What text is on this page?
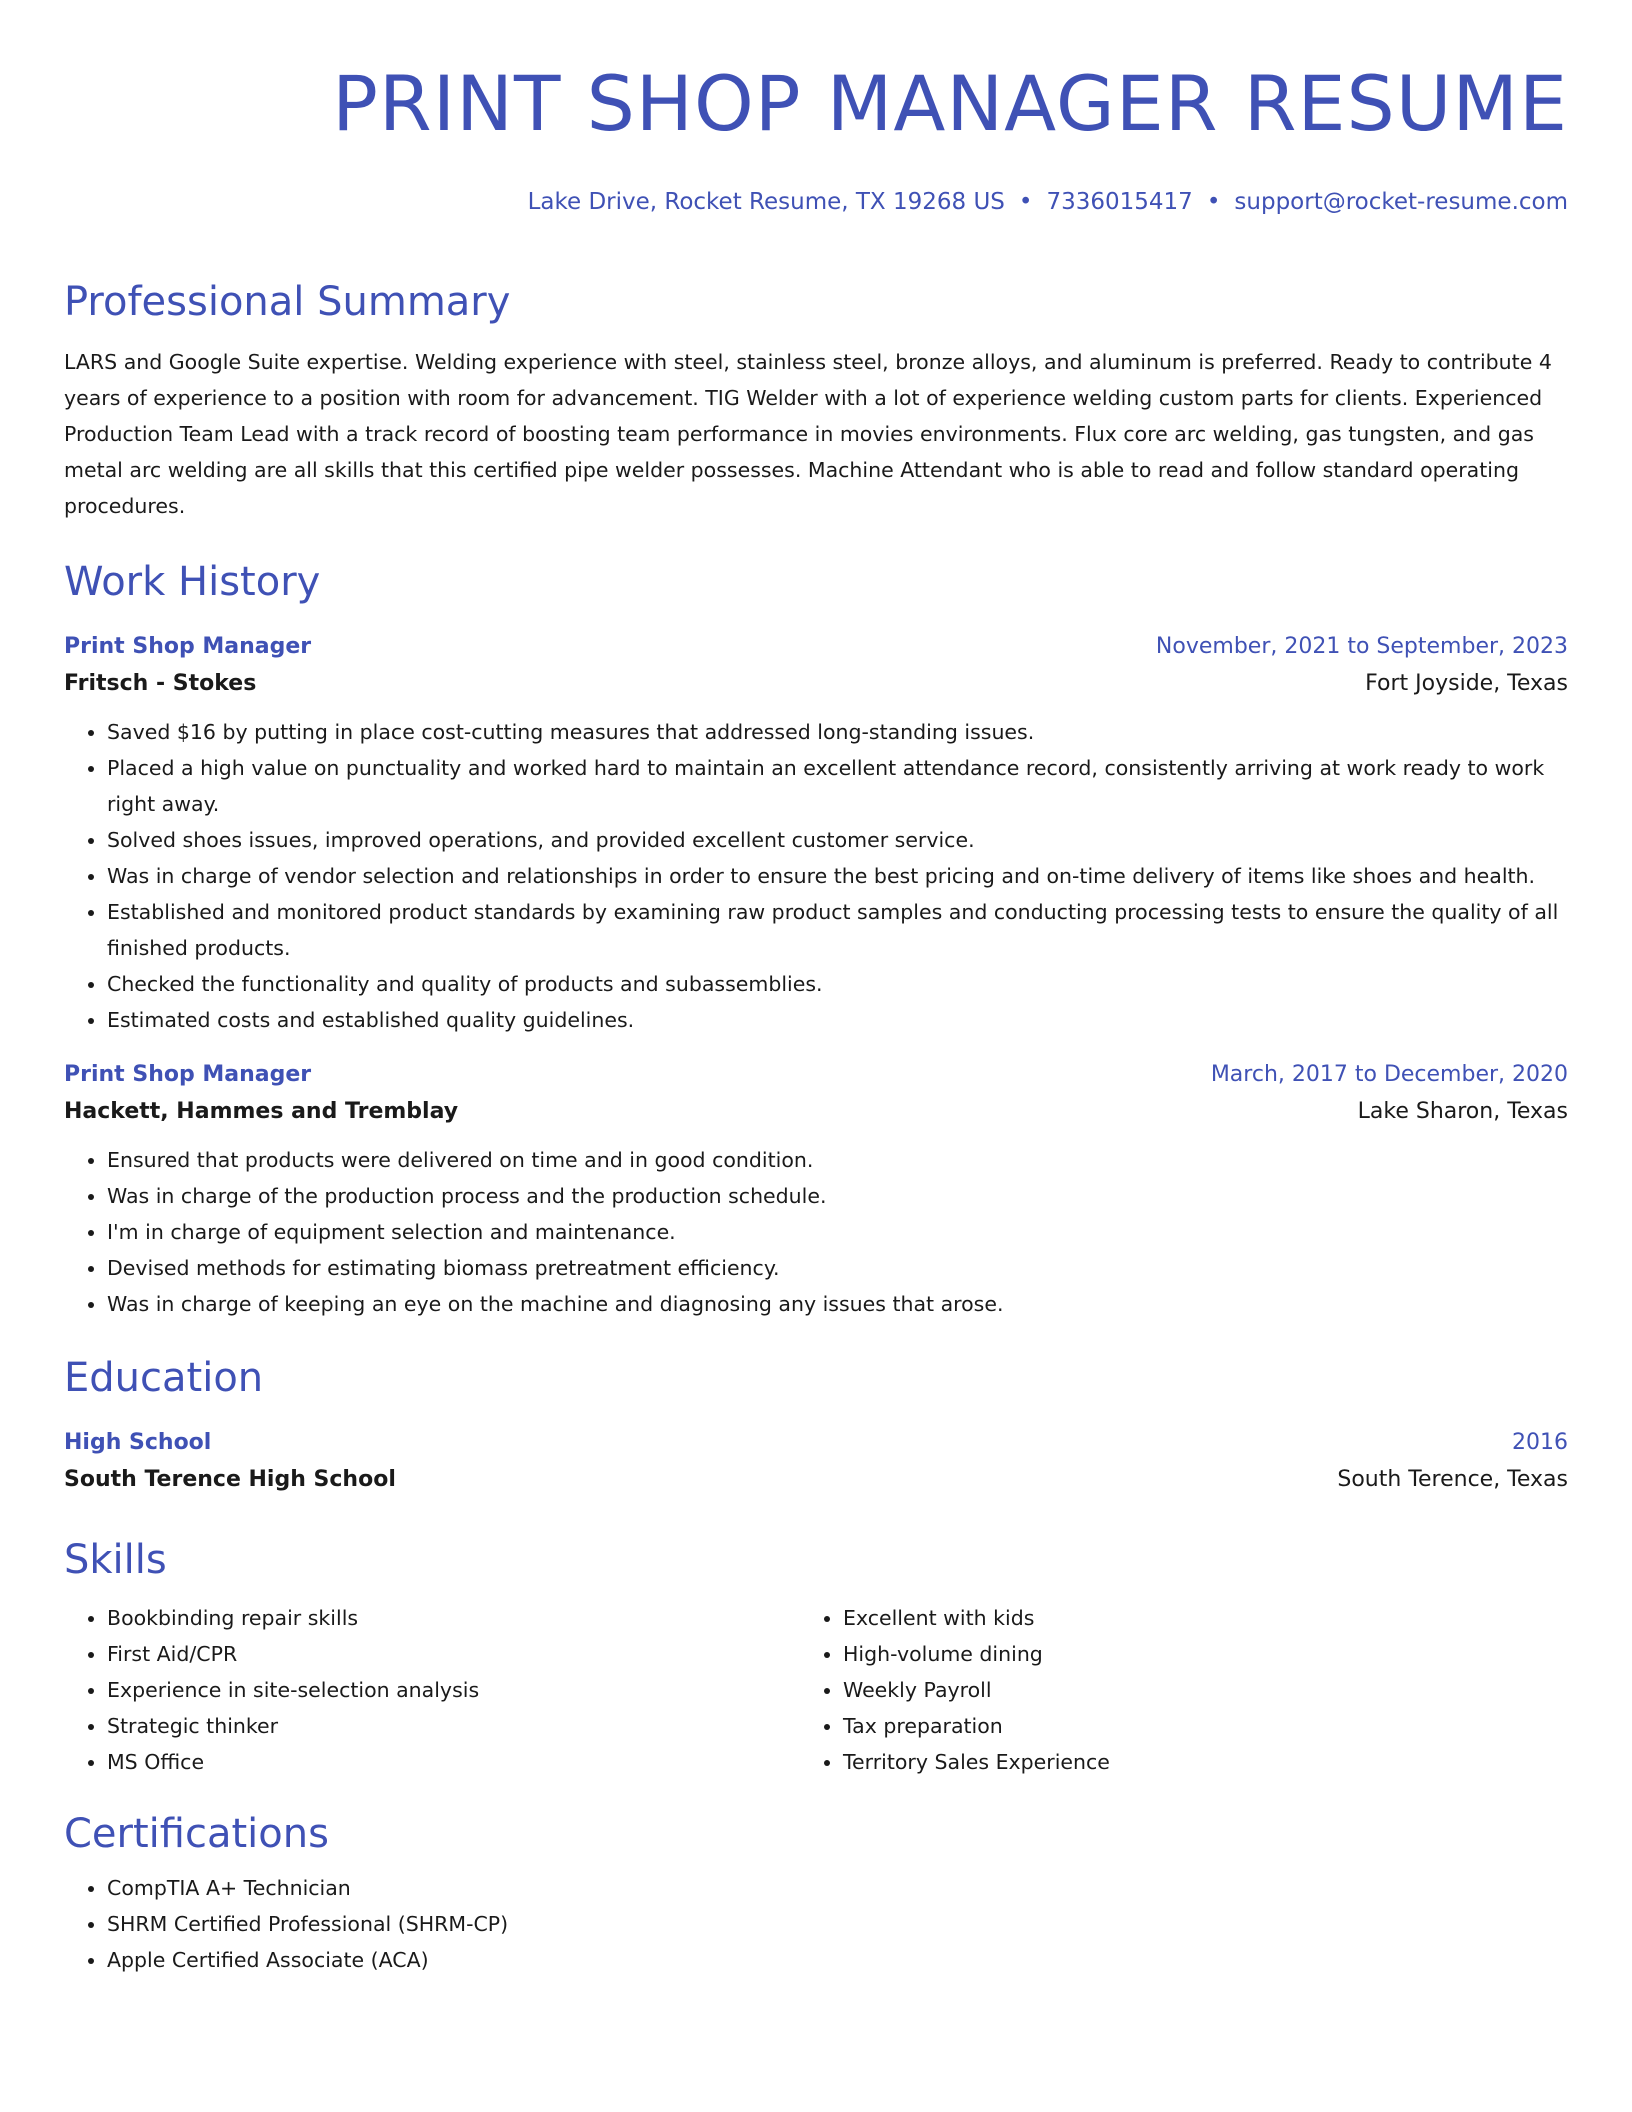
PRINT SHOP MANAGER RESUME
Lake Drive, Rocket Resume, TX 19268 US • 7336015417 • support@rocket-resume.com
Professional Summary

LARS and Google Suite expertise. Welding experience with steel, stainless steel, bronze alloys, and aluminum is preferred. Ready to contribute 4 years of experience to a position with room for advancement. TIG Welder with a lot of experience welding custom parts for clients. Experienced Production Team Lead with a track record of boosting team performance in movies environments. Flux core arc welding, gas tungsten, and gas metal arc welding are all skills that this certified pipe welder possesses. Machine Attendant who is able to read and follow standard operating procedures.

Work History
Print Shop Manager	November, 2021 to September, 2023
Fritsch - Stokes	Fort Joyside, Texas
• Saved $16 by putting in place cost-cutting measures that addressed long-standing issues.
• Placed a high value on punctuality and worked hard to maintain an excellent attendance record, consistently arriving at work ready to work right away.
• Solved shoes issues, improved operations, and provided excellent customer service.
• Was in charge of vendor selection and relationships in order to ensure the best pricing and on-time delivery of items like shoes and health.
• Established and monitored product standards by examining raw product samples and conducting processing tests to ensure the quality of all finished products.
• Checked the functionality and quality of products and subassemblies.
• Estimated costs and established quality guidelines.
Print Shop Manager	March, 2017 to December, 2020
Hackett, Hammes and Tremblay	Lake Sharon, Texas
• Ensured that products were delivered on time and in good condition.
• Was in charge of the production process and the production schedule.
• I'm in charge of equipment selection and maintenance.
• Devised methods for estimating biomass pretreatment efficiency.
• Was in charge of keeping an eye on the machine and diagnosing any issues that arose.
Education
High School	2016
South Terence High School	South Terence, Texas
Skills
• Bookbinding repair skills
• First Aid/CPR
• Experience in site-selection analysis
• Strategic thinker
• MS Office
• Excellent with kids
• High-volume dining
• Weekly Payroll
• Tax preparation
• Territory Sales Experience
Certifications
• CompTIA A+ Technician
• SHRM Certified Professional (SHRM-CP)
• Apple Certified Associate (ACA)
